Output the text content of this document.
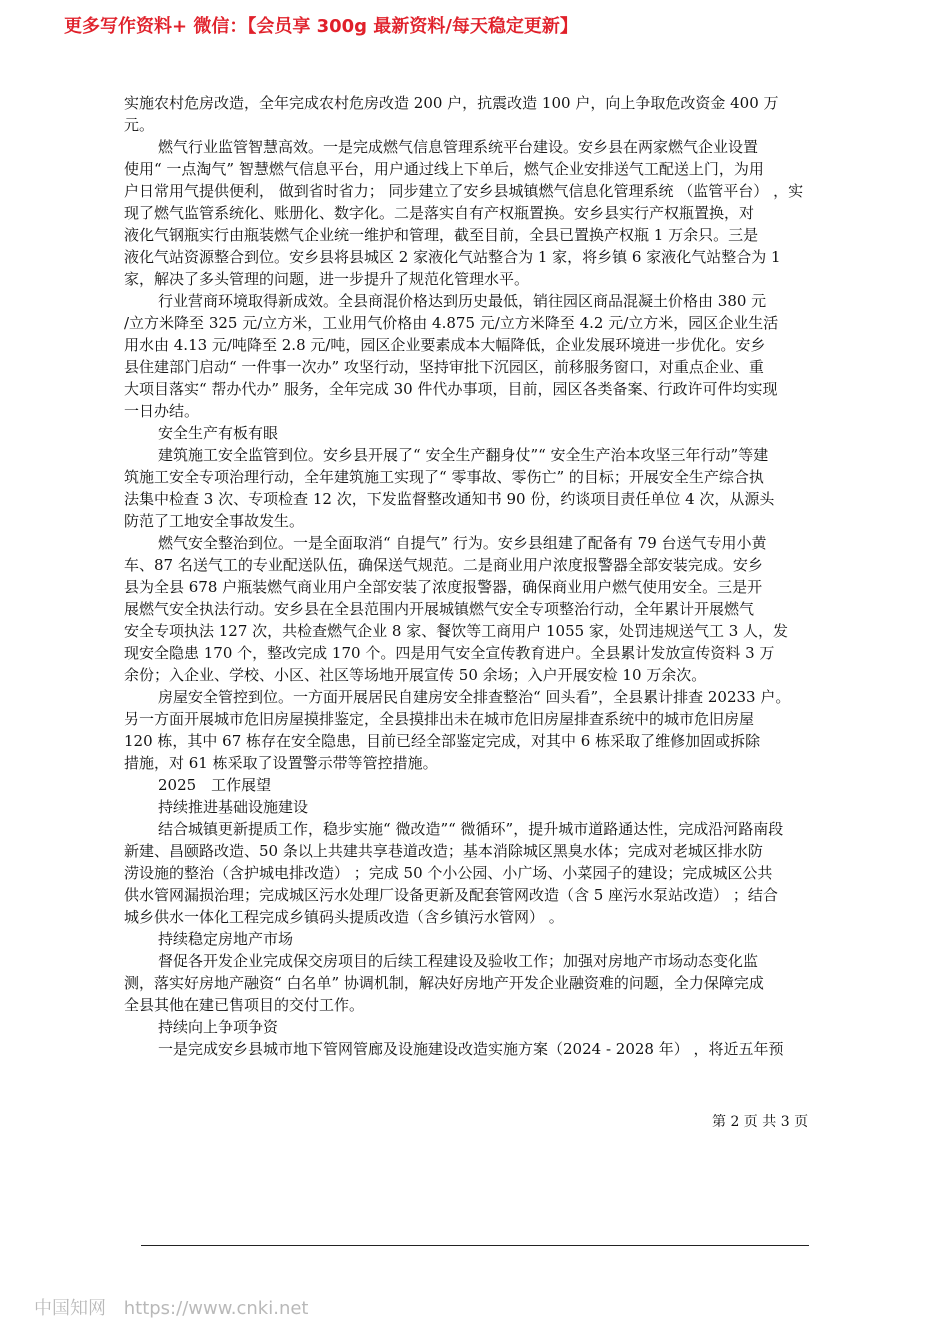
更多写作资料+ 微信：【会员享 300g 最新资料/每天稳定更新】
实施农村危房改造，全年完成农村危房改造 200 户，抗震改造 100 户，向上争取危改资金 400 万
元。
燃气行业监管智慧高效。一是完成燃气信息管理系统平台建设。安乡县在两家燃气企业设置
使用“ 一点淘气” 智慧燃气信息平台，用户通过线上下单后，燃气企业安排送气工配送上门，为用
户日常用气提供便利， 做到省时省力； 同步建立了安乡县城镇燃气信息化管理系统 （监管平台） ，实
现了燃气监管系统化、账册化、数字化。二是落实自有产权瓶置换。安乡县实行产权瓶置换，对
液化气钢瓶实行由瓶装燃气企业统一维护和管理，截至目前，全县已置换产权瓶 1 万余只。三是
液化气站资源整合到位。安乡县将县城区 2 家液化气站整合为 1 家，将乡镇 6 家液化气站整合为 1
家，解决了多头管理的问题，进一步提升了规范化管理水平。
行业营商环境取得新成效。全县商混价格达到历史最低，销往园区商品混凝土价格由 380 元
/立方米降至 325 元/立方米，工业用气价格由 4.875 元/立方米降至 4.2 元/立方米，园区企业生活
用水由 4.13 元/吨降至 2.8 元/吨，园区企业要素成本大幅降低，企业发展环境进一步优化。安乡
县住建部门启动“ 一件事一次办” 攻坚行动，坚持审批下沉园区，前移服务窗口，对重点企业、重
大项目落实“ 帮办代办” 服务，全年完成 30 件代办事项，目前，园区各类备案、行政许可件均实现
一日办结。
安全生产有板有眼
建筑施工安全监管到位。安乡县开展了“ 安全生产翻身仗”“ 安全生产治本攻坚三年行动”等建
筑施工安全专项治理行动，全年建筑施工实现了“ 零事故、零伤亡” 的目标；开展安全生产综合执
法集中检查 3 次、专项检查 12 次，下发监督整改通知书 90 份，约谈项目责任单位 4 次，从源头
防范了工地安全事故发生。
燃气安全整治到位。一是全面取消“ 自提气” 行为。安乡县组建了配备有 79 台送气专用小黄
车、87 名送气工的专业配送队伍，确保送气规范。二是商业用户浓度报警器全部安装完成。安乡
县为全县 678 户瓶装燃气商业用户全部安装了浓度报警器，确保商业用户燃气使用安全。三是开
展燃气安全执法行动。安乡县在全县范围内开展城镇燃气安全专项整治行动，全年累计开展燃气
安全专项执法 127 次，共检查燃气企业 8 家、餐饮等工商用户 1055 家，处罚违规送气工 3 人，发
现安全隐患 170 个，整改完成 170 个。四是用气安全宣传教育进户。全县累计发放宣传资料 3 万
余份；入企业、学校、小区、社区等场地开展宣传 50 余场；入户开展安检 10 万余次。
房屋安全管控到位。一方面开展居民自建房安全排查整治“ 回头看”，全县累计排查 20233 户。
另一方面开展城市危旧房屋摸排鉴定，全县摸排出未在城市危旧房屋排查系统中的城市危旧房屋
120 栋，其中 67 栋存在安全隐患，目前已经全部鉴定完成，对其中 6 栋采取了维修加固或拆除
措施，对 61 栋采取了设置警示带等管控措施。
2025　工作展望
持续推进基础设施建设
结合城镇更新提质工作，稳步实施“ 微改造”“ 微循环”，提升城市道路通达性，完成沿河路南段
新建、昌颐路改造、50 条以上共建共享巷道改造；基本消除城区黑臭水体；完成对老城区排水防
涝设施的整治（含护城电排改造） ；完成 50 个小公园、小广场、小菜园子的建设；完成城区公共
供水管网漏损治理；完成城区污水处理厂设备更新及配套管网改造（含 5 座污水泵站改造） ；结合
城乡供水一体化工程完成乡镇码头提质改造（含乡镇污水管网） 。
持续稳定房地产市场
督促各开发企业完成保交房项目的后续工程建设及验收工作；加强对房地产市场动态变化监
测，落实好房地产融资“ 白名单” 协调机制，解决好房地产开发企业融资难的问题，全力保障完成
全县其他在建已售项目的交付工作。
持续向上争项争资
一是完成安乡县城市地下管网管廊及设施建设改造实施方案（2024 - 2028 年） ，将近五年预
第 2 页 共 3 页
中国知网 https://www.cnki.net
